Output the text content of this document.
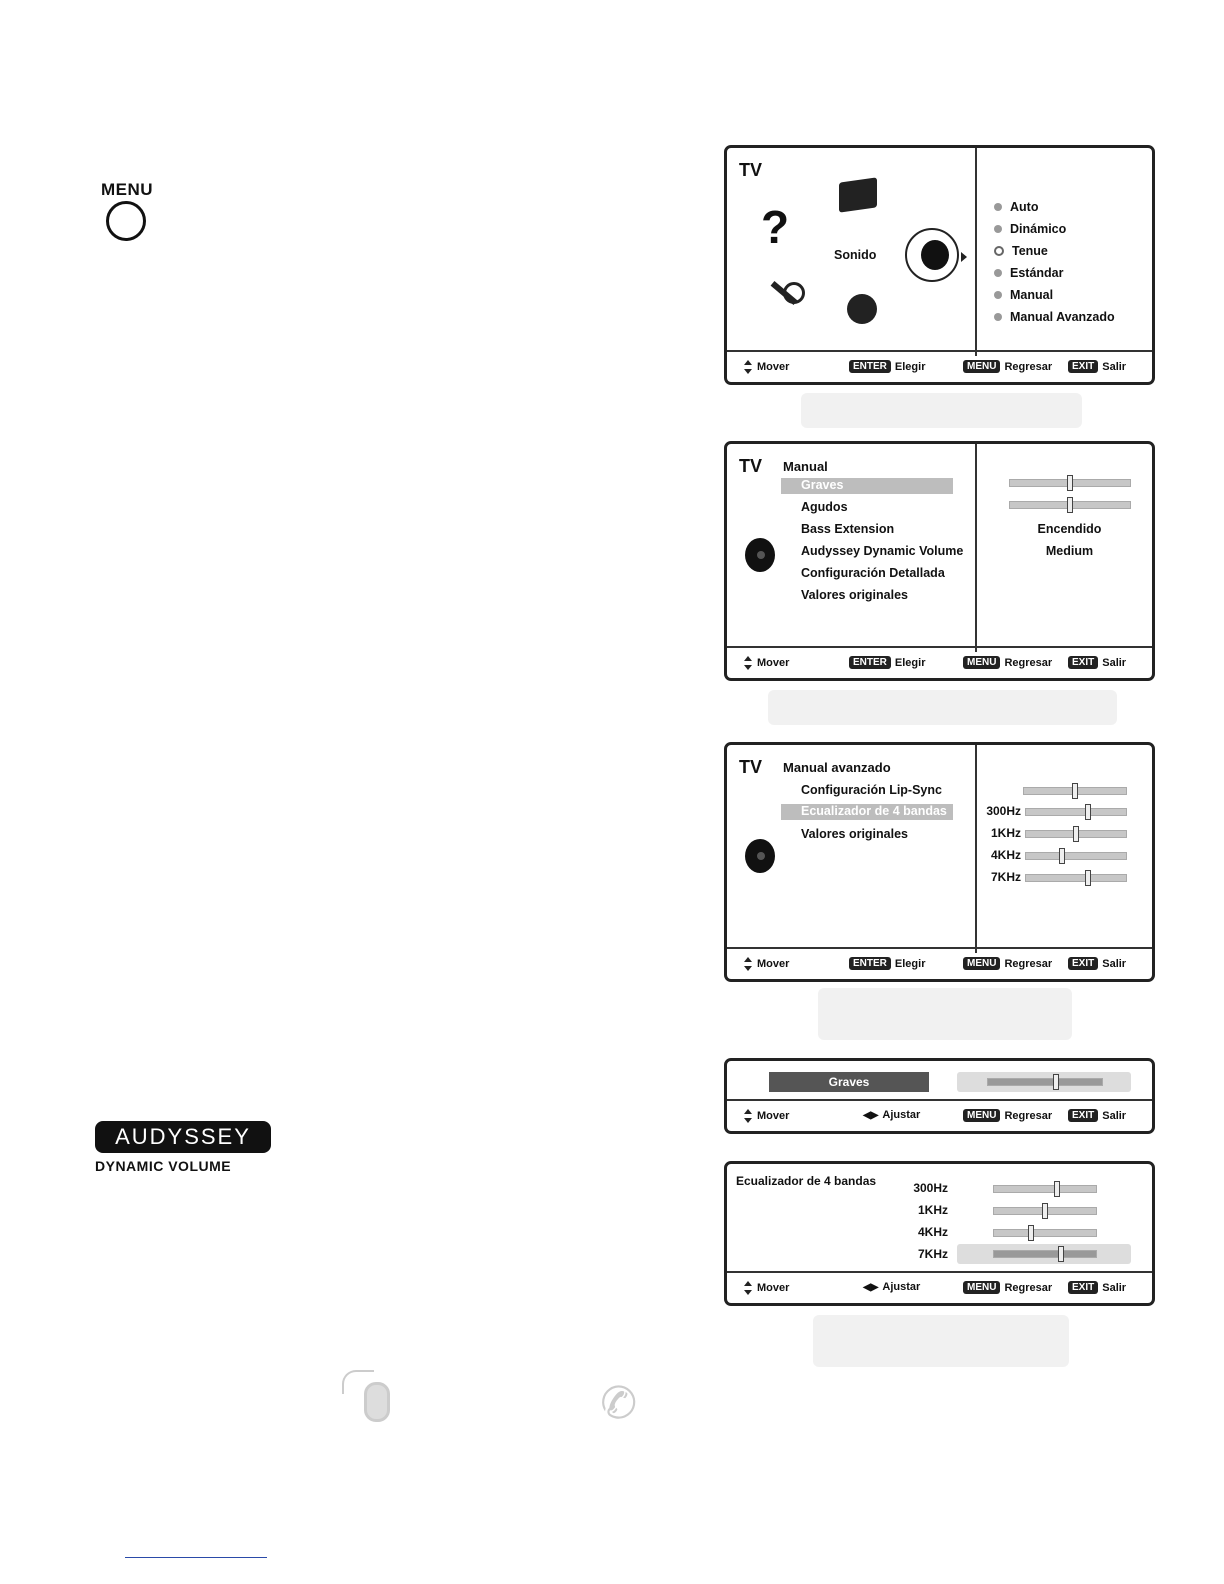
MENU
AUDYSSEY
DYNAMIC VOLUME
TV
?
Sonido
Auto
Dinámico
Tenue
Estándar
Manual
Manual Avanzado
Mover	ENTER Elegir	MENU Regresar	EXIT Salir
TV Manual
Graves
Agudos
Bass Extension
Audyssey Dynamic Volume
Configuración Detallada
Valores originales
Encendido
Medium
Mover	ENTER Elegir	MENU Regresar	EXIT Salir
TV Manual avanzado
Configuración Lip-Sync
Ecualizador de 4 bandas
Valores originales
300Hz
1KHz
4KHz
7KHz
Mover	ENTER Elegir	MENU Regresar	EXIT Salir
Graves
Mover	◀▶ Ajustar	MENU Regresar	EXIT Salir
Ecualizador de 4 bandas	300Hz
1KHz
4KHz
7KHz
Mover	◀▶ Ajustar	MENU Regresar	EXIT Salir
✆
